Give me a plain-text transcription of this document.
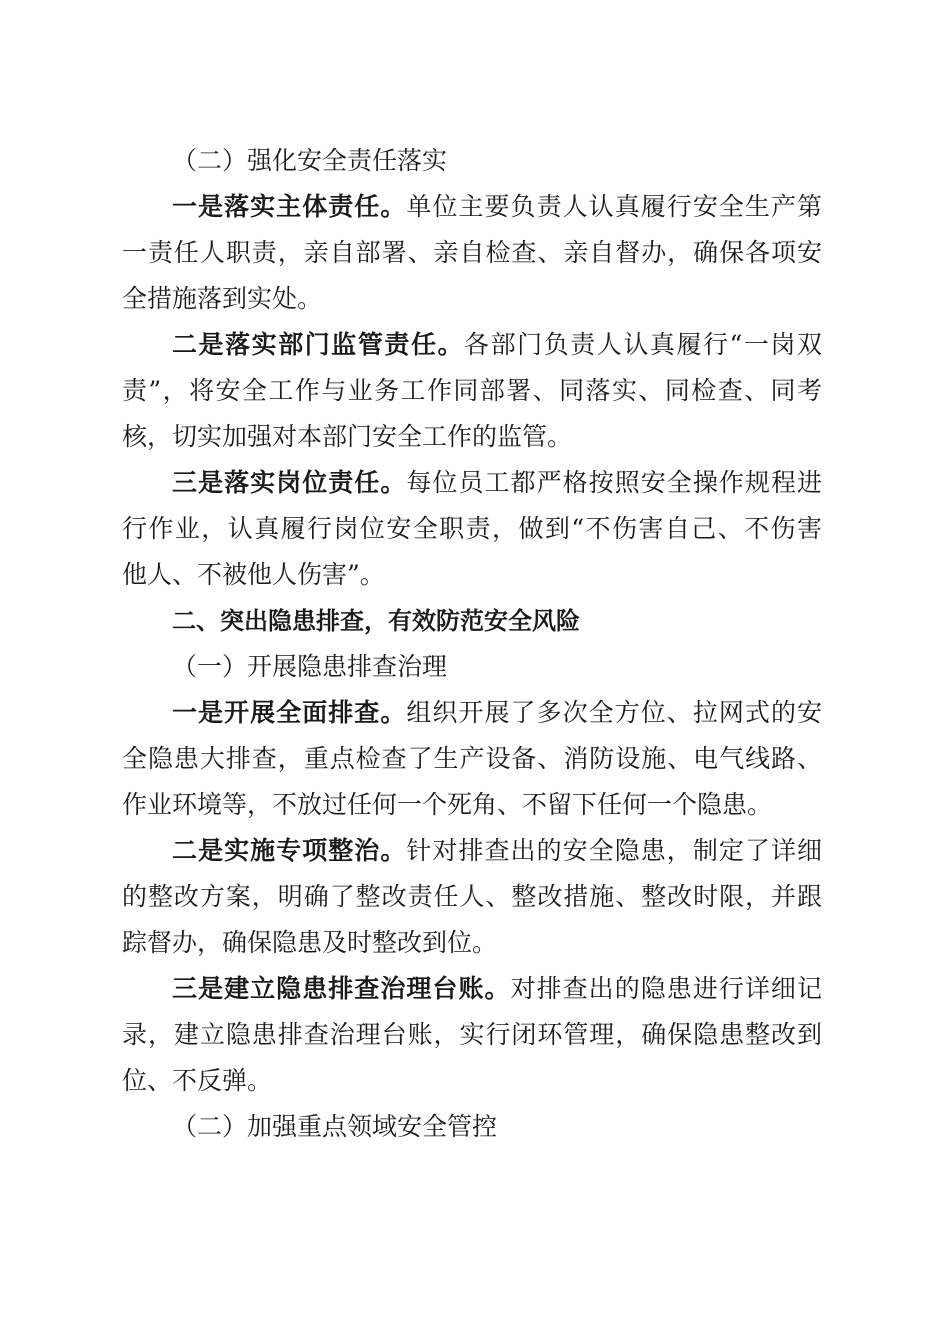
（二）强化安全责任落实
一是落实主体责任。单位主要负责人认真履行安全生产第
一责任人职责，亲自部署、亲自检查、亲自督办，确保各项安
全措施落到实处。
二是落实部门监管责任。各部门负责人认真履行“一岗双
责”，将安全工作与业务工作同部署、同落实、同检查、同考
核，切实加强对本部门安全工作的监管。
三是落实岗位责任。每位员工都严格按照安全操作规程进
行作业，认真履行岗位安全职责，做到“不伤害自己、不伤害
他人、不被他人伤害”。
二、突出隐患排查，有效防范安全风险
（一）开展隐患排查治理
一是开展全面排查。组织开展了多次全方位、拉网式的安
全隐患大排查，重点检查了生产设备、消防设施、电气线路、
作业环境等，不放过任何一个死角、不留下任何一个隐患。
二是实施专项整治。针对排查出的安全隐患，制定了详细
的整改方案，明确了整改责任人、整改措施、整改时限，并跟
踪督办，确保隐患及时整改到位。
三是建立隐患排查治理台账。对排查出的隐患进行详细记
录，建立隐患排查治理台账，实行闭环管理，确保隐患整改到
位、不反弹。
（二）加强重点领域安全管控
